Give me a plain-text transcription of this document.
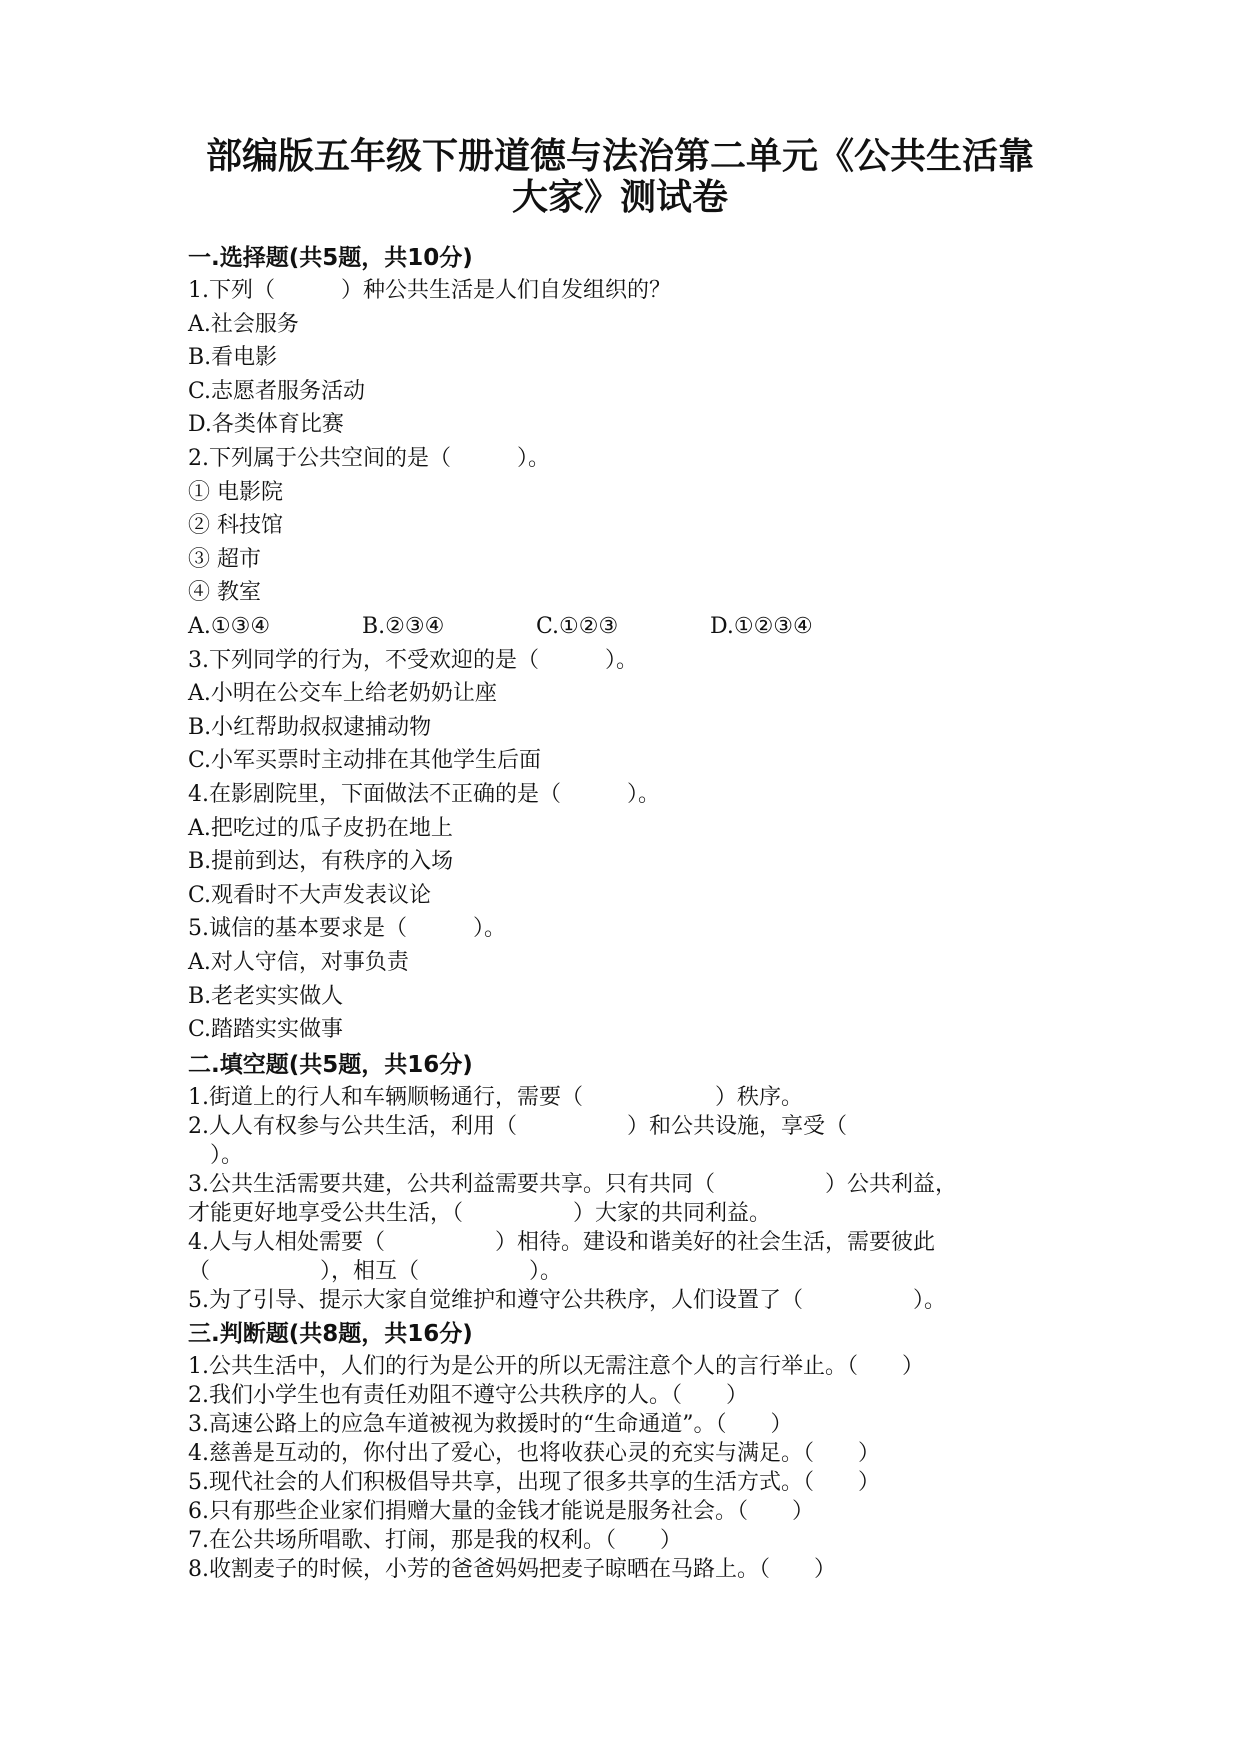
部编版五年级下册道德与法治第二单元《公共生活靠
大家》测试卷
一.选择题(共5题，共10分)
1.下列（　　　）种公共生活是人们自发组织的？
A.社会服务
B.看电影
C.志愿者服务活动
D.各类体育比赛
2.下列属于公共空间的是（　　　）。
① 电影院
② 科技馆
③ 超市
④ 教室
A.①③④	B.②③④	C.①②③	D.①②③④
3.下列同学的行为，不受欢迎的是（　　　）。
A.小明在公交车上给老奶奶让座
B.小红帮助叔叔逮捕动物
C.小军买票时主动排在其他学生后面
4.在影剧院里，下面做法不正确的是（　　　）。
A.把吃过的瓜子皮扔在地上
B.提前到达，有秩序的入场
C.观看时不大声发表议论
5.诚信的基本要求是（　　　）。
A.对人守信，对事负责
B.老老实实做人
C.踏踏实实做事
二.填空题(共5题，共16分)
1.街道上的行人和车辆顺畅通行，需要（　　　　　　）秩序。
2.人人有权参与公共生活，利用（　　　　　）和公共设施，享受（
　）。
3.公共生活需要共建，公共利益需要共享。只有共同（　　　　　）公共利益，
才能更好地享受公共生活，（　　　　　）大家的共同利益。
4.人与人相处需要（　　　　　）相待。建设和谐美好的社会生活，需要彼此
（　　　　　），相互（　　　　　）。
5.为了引导、提示大家自觉维护和遵守公共秩序，人们设置了（　　　　　）。
三.判断题(共8题，共16分)
1.公共生活中，人们的行为是公开的所以无需注意个人的言行举止。（　　）
2.我们小学生也有责任劝阻不遵守公共秩序的人。（　　）
3.高速公路上的应急车道被视为救援时的“生命通道”。（　　）
4.慈善是互动的，你付出了爱心，也将收获心灵的充实与满足。（　　）
5.现代社会的人们积极倡导共享，出现了很多共享的生活方式。（　　）
6.只有那些企业家们捐赠大量的金钱才能说是服务社会。（　　）
7.在公共场所唱歌、打闹，那是我的权利。（　　）
8.收割麦子的时候，小芳的爸爸妈妈把麦子晾晒在马路上。（　　）
